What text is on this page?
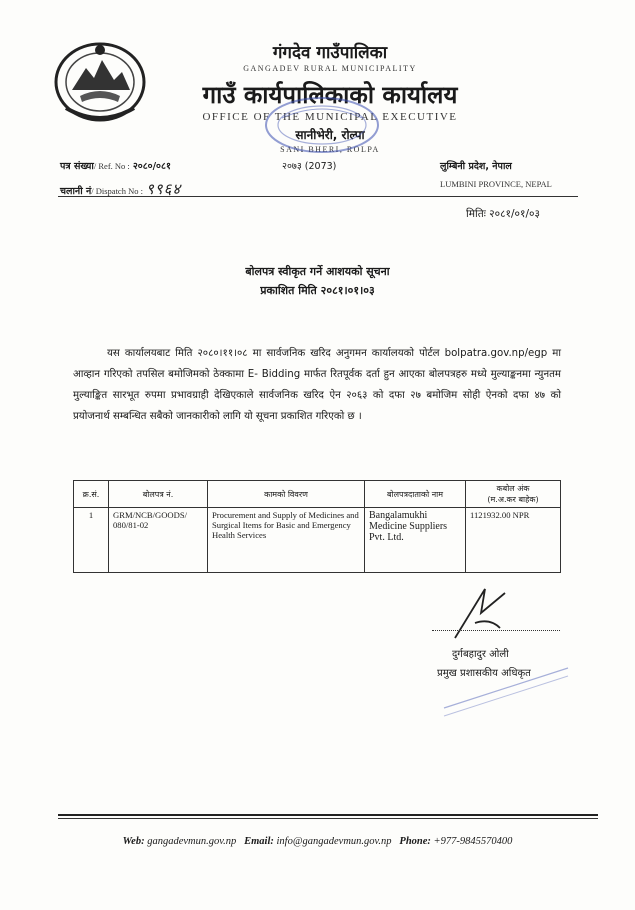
गंगदेव गाउँपालिका
GANGADEV RURAL MUNICIPALITY
गाउँ कार्यपालिकाको कार्यालय
OFFICE OF THE MUNICIPAL EXECUTIVE
सानीभेरी, रोल्पा
SANI BHERI, ROLPA
पत्र संख्या/ Ref. No : २०८०/०८१
चलानी नं/ Dispatch No : ९९६४
२०७३ (2073)	लुम्बिनी प्रदेश, नेपाल
LUMBINI PROVINCE, NEPAL
मितिः २०८१/०१/०३
बोलपत्र स्वीकृत गर्ने आशयको सूचना
प्रकाशित मिति २०८१।०१।०३
यस कार्यालयबाट मिति २०८०।११।०८ मा सार्वजनिक खरिद अनुगमन कार्यालयको पोर्टल bolpatra.gov.np/egp मा आव्हान गरिएको तपसिल बमोजिमको ठेक्कामा E- Bidding मार्फत रितपूर्वक दर्ता हुन आएका बोलपत्रहरु मध्ये मुल्याङ्कनमा न्युनतम मुल्याङ्कित सारभूत रुपमा प्रभावग्राही देखिएकाले सार्वजनिक खरिद ऐन २०६३ को दफा २७ बमोजिम सोही ऐनको दफा ४७ को प्रयोजनार्थ सम्बन्धित सबैको जानकारीको लागि यो सूचना प्रकाशित गरिएको छ ।
क्र.सं.	बोलपत्र नं.	कामको विवरण	बोलपत्रदाताको नाम	कबोल अंक
(म.अ.कर बाहेक)

1	GRM/NCB/GOODS/ 080/81-02	Procurement and Supply of Medicines and Surgical Items for Basic and Emergency Health Services	Bangalamukhi Medicine Suppliers Pvt. Ltd.	1121932.00 NPR
दुर्गबहादुर ओली
प्रमुख प्रशासकीय अधिकृत
Web: gangadevmun.gov.np Email: info@gangadevmun.gov.np Phone: +977-9845570400
